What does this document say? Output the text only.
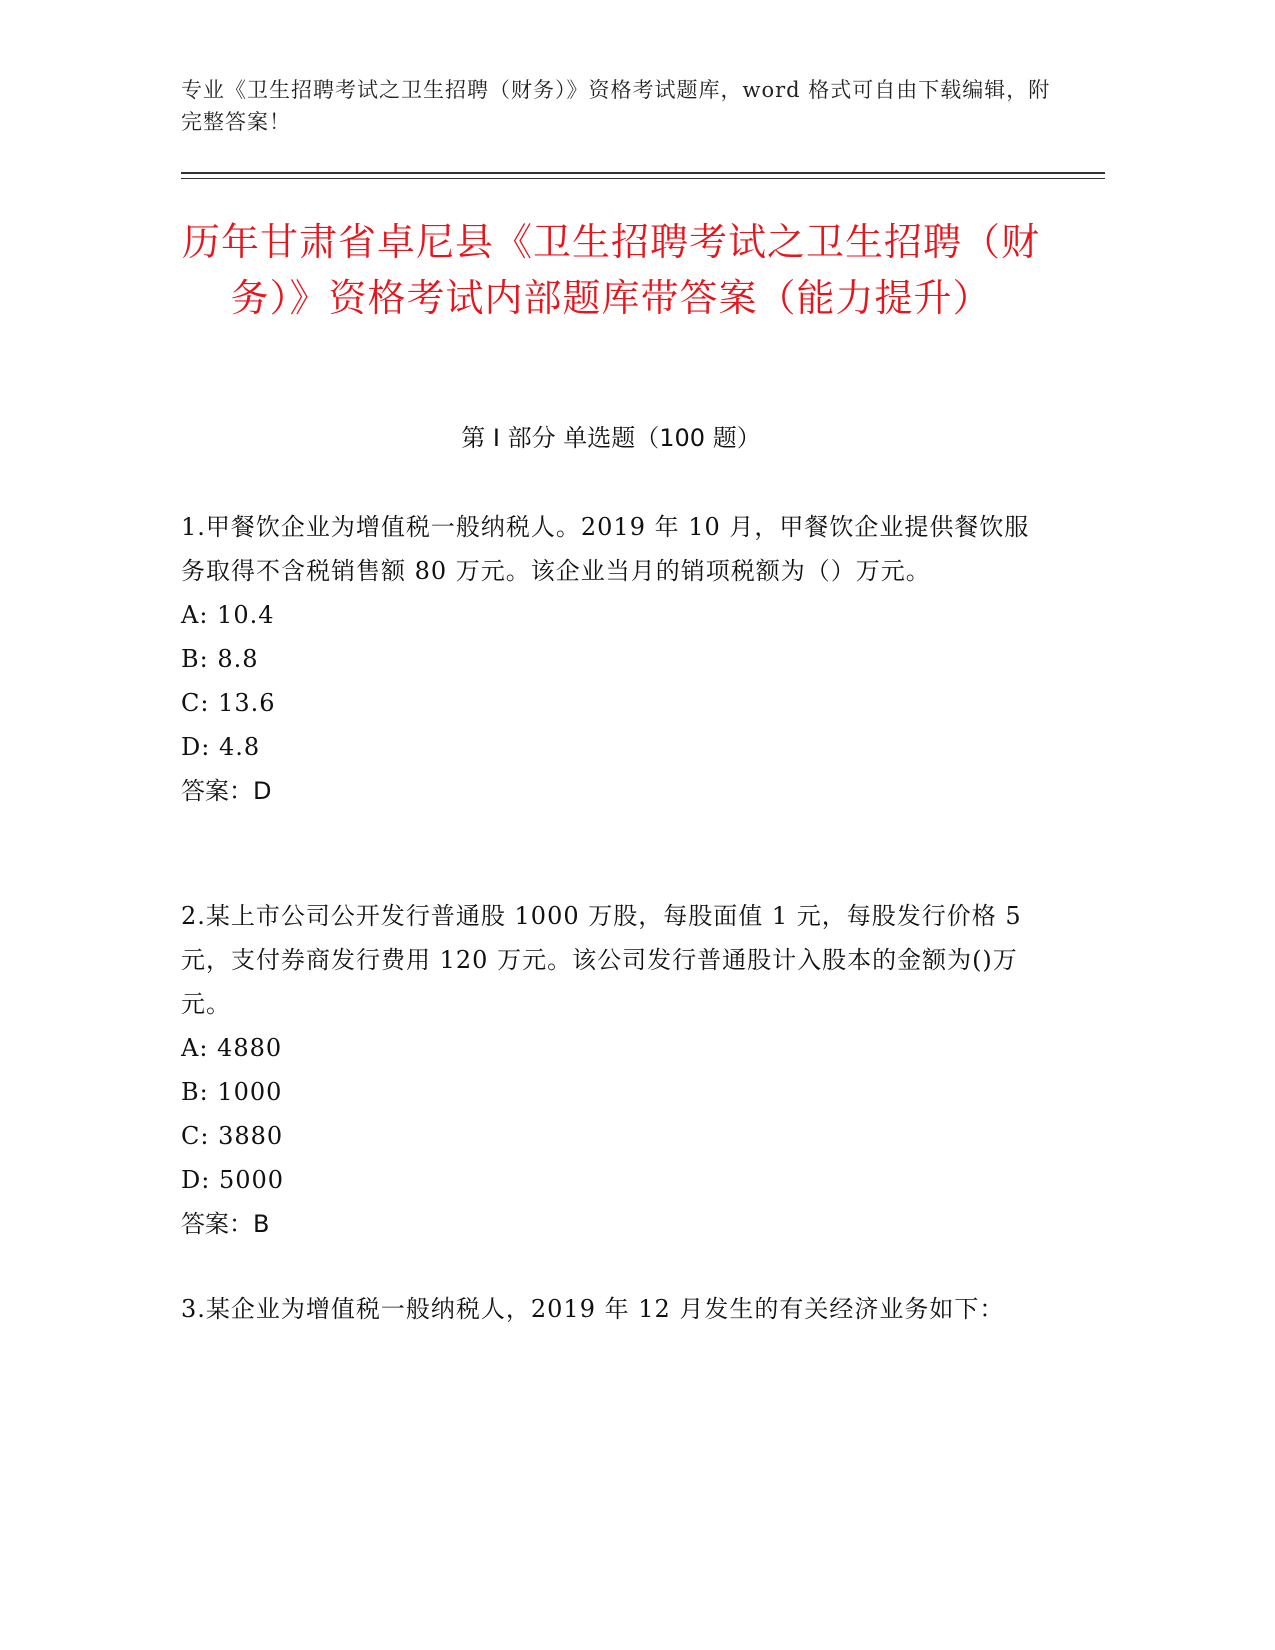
专业《卫生招聘考试之卫生招聘（财务）》资格考试题库，word 格式可自由下载编辑，附完整答案！
历年甘肃省卓尼县《卫生招聘考试之卫生招聘（财务）》资格考试内部题库带答案（能力提升）
第 I 部分 单选题（100 题）

1.甲餐饮企业为增值税一般纳税人。2019 年 10 月，甲餐饮企业提供餐饮服务取得不含税销售额 80 万元。该企业当月的销项税额为（）万元。

A: 10.4

B: 8.8

C: 13.6

D: 4.8

答案：D

2.某上市公司公开发行普通股 1000 万股，每股面值 1 元，每股发行价格 5 元，支付券商发行费用 120 万元。该公司发行普通股计入股本的金额为()万元。

A: 4880

B: 1000

C: 3880

D: 5000

答案：B

3.某企业为增值税一般纳税人，2019 年 12 月发生的有关经济业务如下：
